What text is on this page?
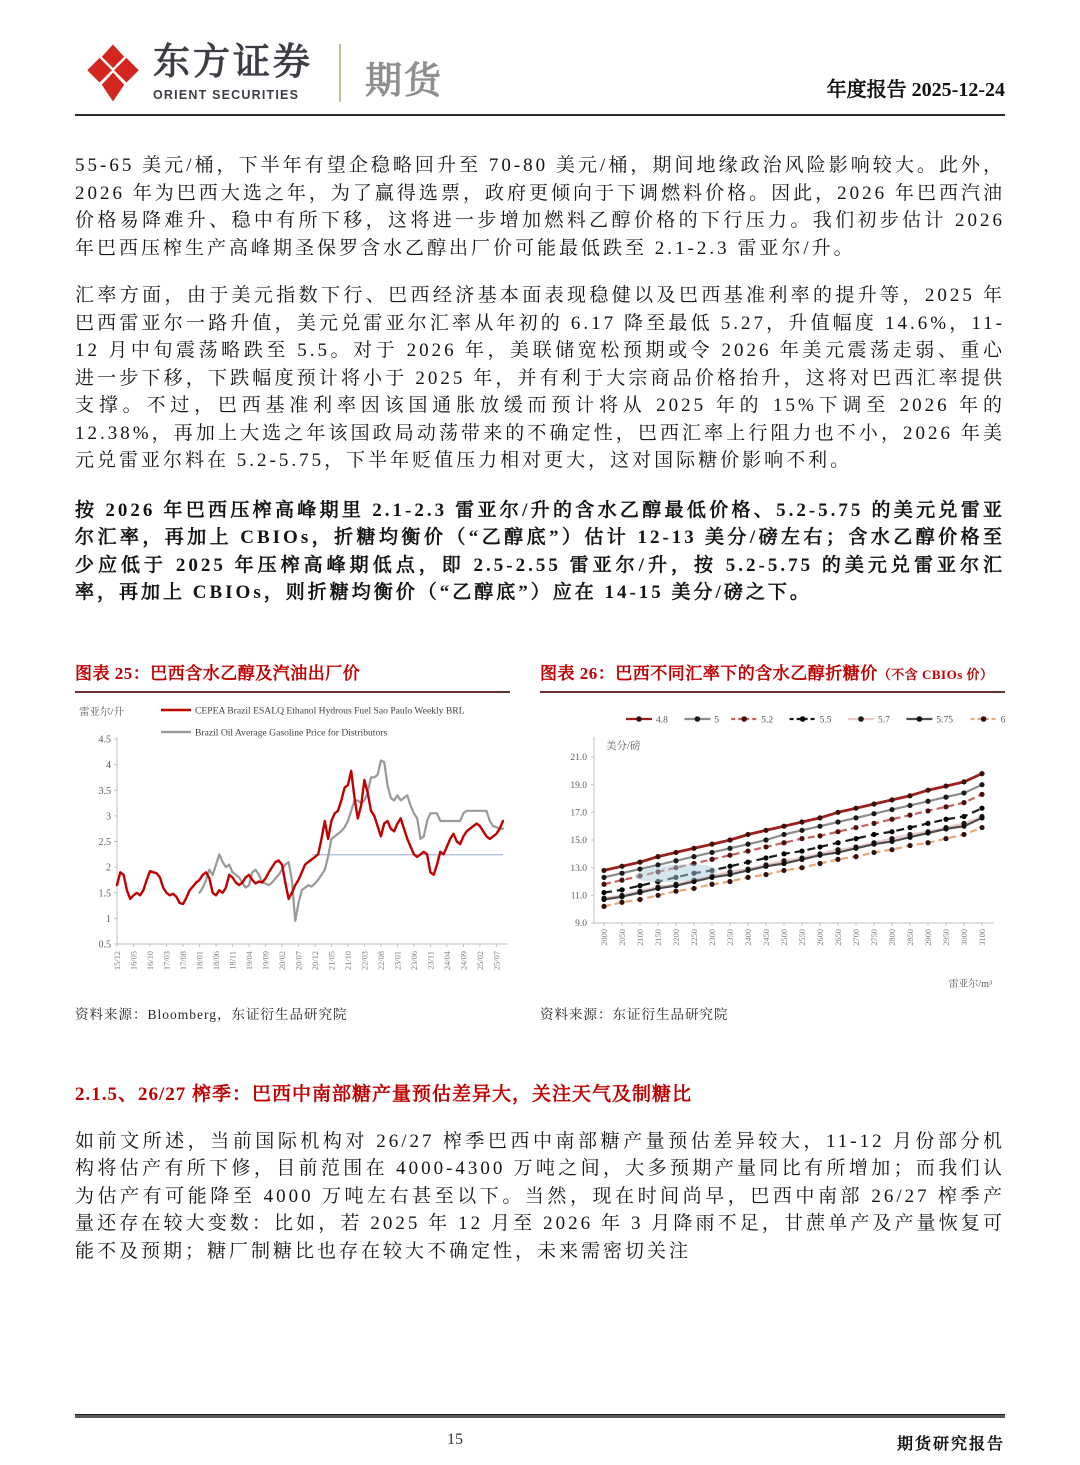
东方证券
ORIENT SECURITIES	期货	年度报告 2025-12-24

55-65 美元/桶，下半年有望企稳略回升至 70-80 美元/桶，期间地缘政治风险影响较大。此外，2026 年为巴西大选之年，为了赢得选票，政府更倾向于下调燃料价格。因此，2026 年巴西汽油价格易降难升、稳中有所下移，这将进一步增加燃料乙醇价格的下行压力。我们初步估计 2026 年巴西压榨生产高峰期圣保罗含水乙醇出厂价可能最低跌至 2.1-2.3 雷亚尔/升。

汇率方面，由于美元指数下行、巴西经济基本面表现稳健以及巴西基准利率的提升等，2025 年巴西雷亚尔一路升值，美元兑雷亚尔汇率从年初的 6.17 降至最低 5.27，升值幅度 14.6%，11-12 月中旬震荡略跌至 5.5。对于 2026 年，美联储宽松预期或令 2026 年美元震荡走弱、重心进一步下移，下跌幅度预计将小于 2025 年，并有利于大宗商品价格抬升，这将对巴西汇率提供支撑。不过，巴西基准利率因该国通胀放缓而预计将从 2025 年的 15%下调至 2026 年的 12.38%，再加上大选之年该国政局动荡带来的不确定性，巴西汇率上行阻力也不小，2026 年美元兑雷亚尔料在 5.2-5.75，下半年贬值压力相对更大，这对国际糖价影响不利。

按 2026 年巴西压榨高峰期里 2.1-2.3 雷亚尔/升的含水乙醇最低价格、5.2-5.75 的美元兑雷亚尔汇率，再加上 CBIOs，折糖均衡价（“乙醇底”）估计 12-13 美分/磅左右；含水乙醇价格至少应低于 2025 年压榨高峰期低点，即 2.5-2.55 雷亚尔/升，按 5.2-5.75 的美元兑雷亚尔汇率，再加上 CBIOs，则折糖均衡价（“乙醇底”）应在 14-15 美分/磅之下。

图表 25：巴西含水乙醇及汽油出厂价
0.5
1
1.5
2
2.5
3
3.5
4
4.5
15/12 16/05 16/10 17/03 17/08 18/01 18/06 18/11 19/04 19/09 20/02 20/07 20/12 21/05 21/10 22/03 22/08 23/01 23/06 23/11 24/04 24/09 25/02 25/07
雷亚尔/升	CEPEA Brazil ESALQ Ethanol Hydrous Fuel Sao Paulo Weekly BRL
Brazil Oil Average Gasoline Price for Distributors
资料来源：Bloomberg，东证衍生品研究院
图表 26：巴西不同汇率下的含水乙醇折糖价（不含 CBIOs 价）
9.0
11.0
13.0
15.0
17.0
19.0
21.0
2000 2050 2100 2150 2200 2250 2300 2350 2400 2450 2500 2550 2600 2650 2700 2750 2800 2850 2900 2950 3000 3100
美分/磅
雷亚尔/m³
4.8	5	5.2	5.5	5.7	5.75	6
资料来源：东证衍生品研究院
2.1.5、26/27 榨季：巴西中南部糖产量预估差异大，关注天气及制糖比

如前文所述，当前国际机构对 26/27 榨季巴西中南部糖产量预估差异较大，11-12 月份部分机构将估产有所下修，目前范围在 4000-4300 万吨之间，大多预期产量同比有所增加；而我们认为估产有可能降至 4000 万吨左右甚至以下。当然，现在时间尚早，巴西中南部 26/27 榨季产量还存在较大变数：比如，若 2025 年 12 月至 2026 年 3 月降雨不足，甘蔗单产及产量恢复可能不及预期；糖厂制糖比也存在较大不确定性，未来需密切关注

15	期货研究报告
